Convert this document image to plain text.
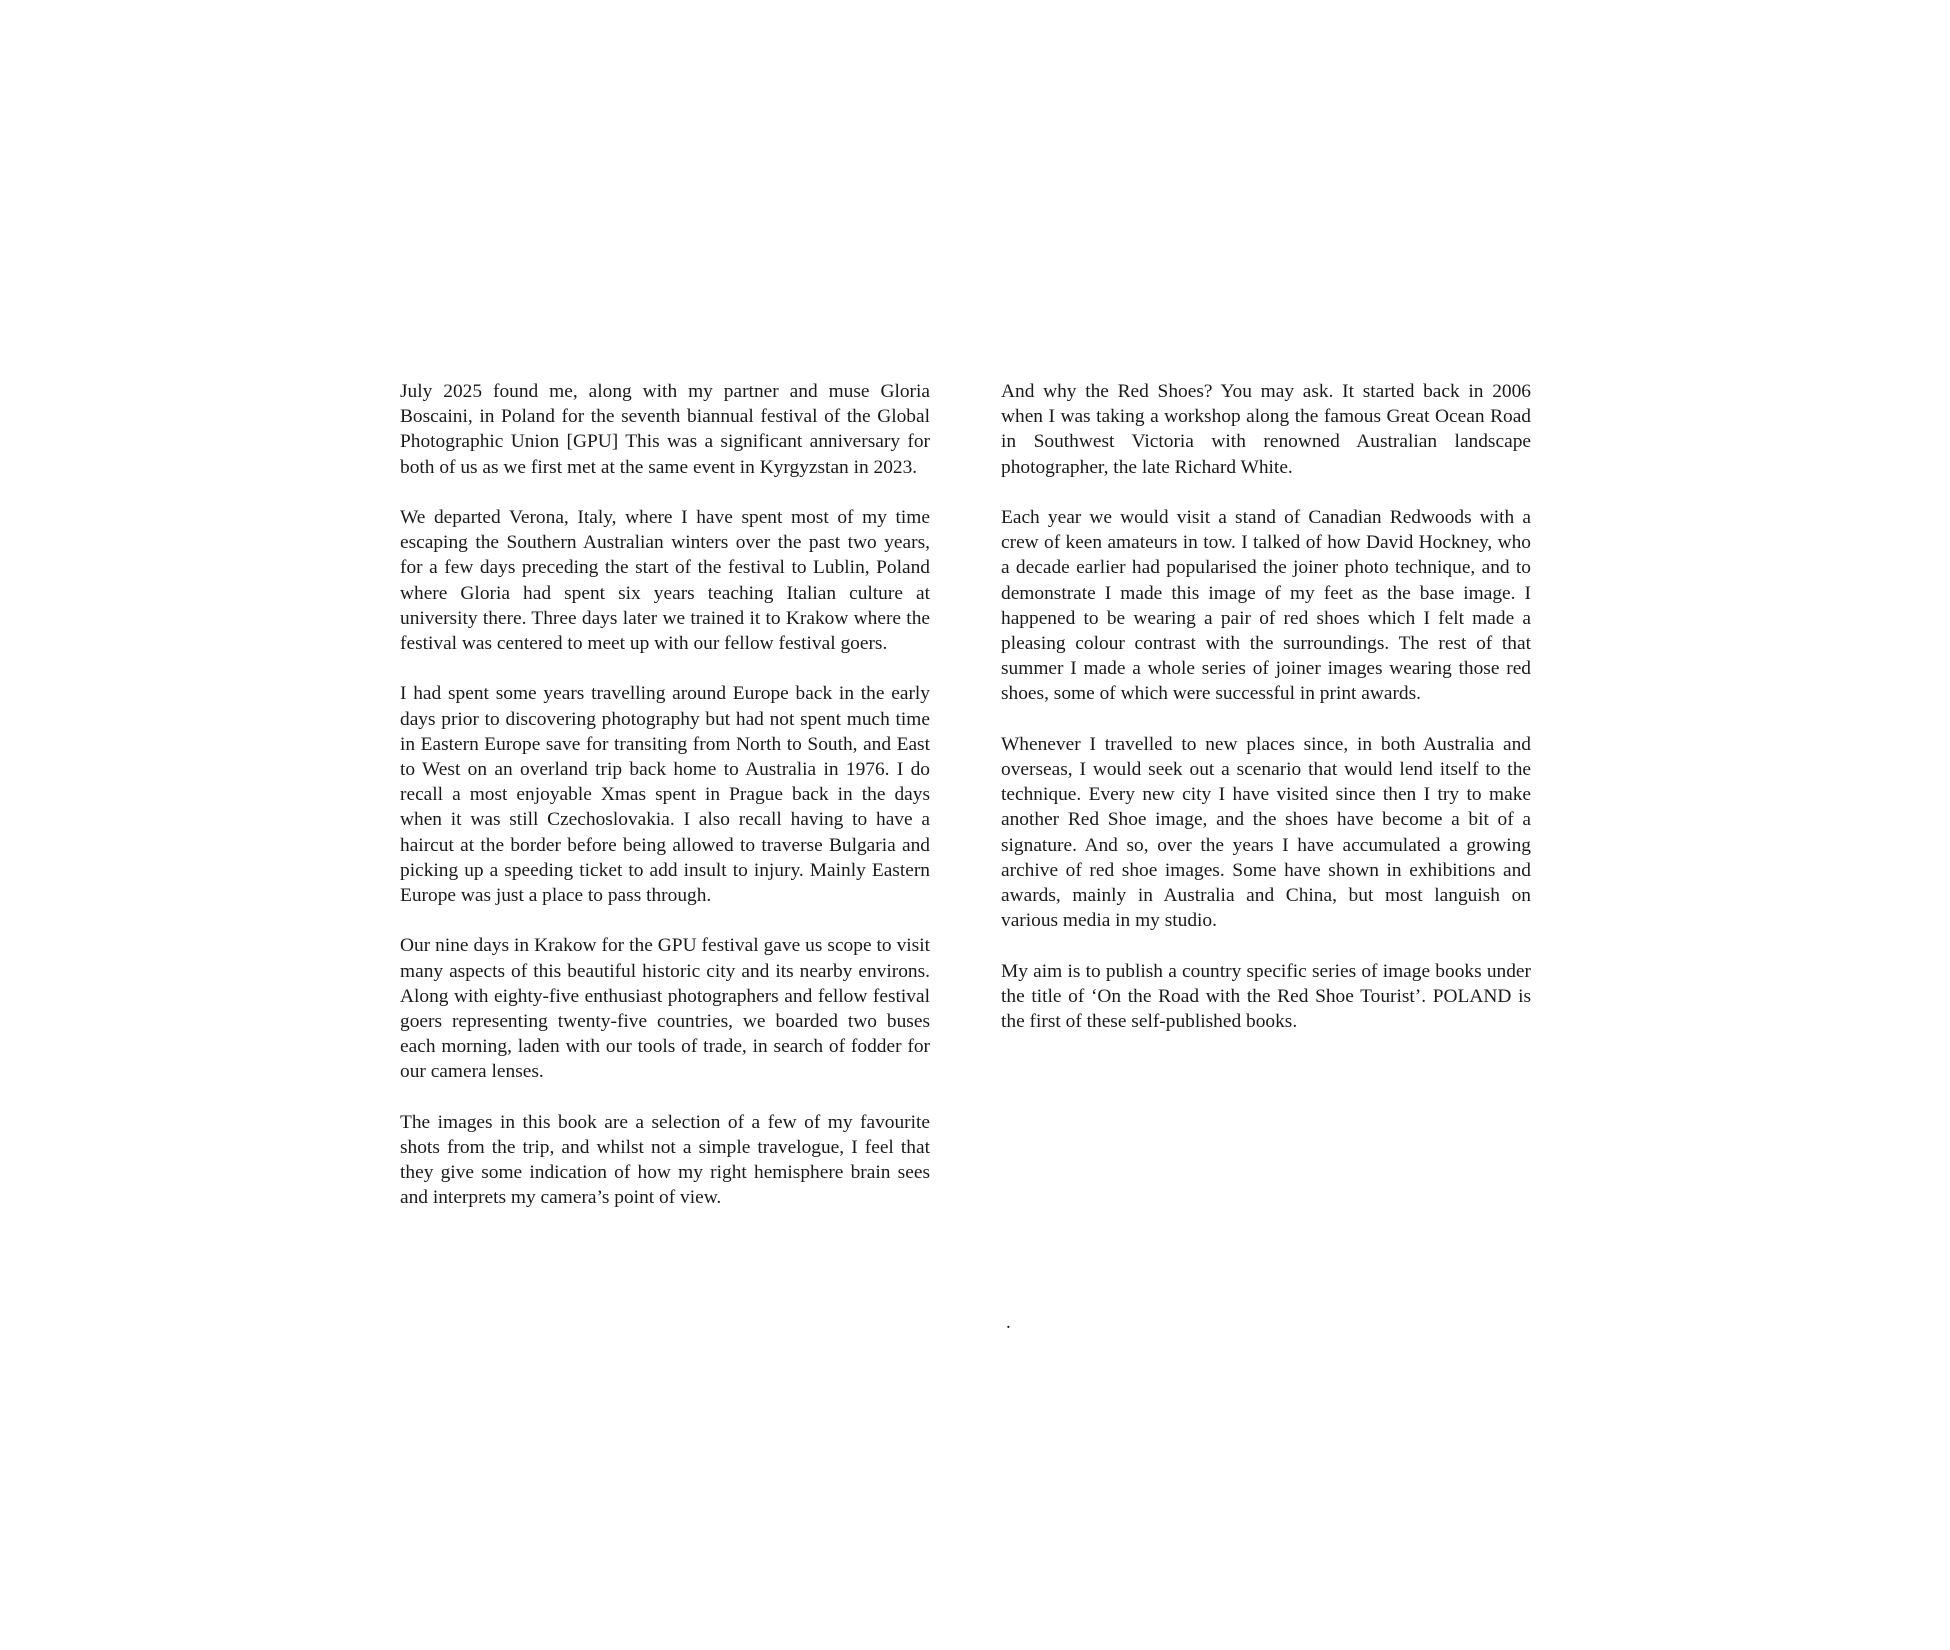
July 2025 found me, along with my partner and muse Gloria Boscaini, in Poland for the seventh biannual festival of the Global Photographic Union [GPU] This was a significant anniversary for both of us as we first met at the same event in Kyrgyzstan in 2023.

We departed Verona, Italy, where I have spent most of my time escaping the Southern Australian winters over the past two years, for a few days preceding the start of the festival to Lublin, Poland where Gloria had spent six years teaching Italian culture at university there. Three days later we trained it to Krakow where the festival was centered to meet up with our fellow festival goers.

I had spent some years travelling around Europe back in the early days prior to discovering photography but had not spent much time in Eastern Europe save for transiting from North to South, and East to West on an overland trip back home to Australia in 1976. I do recall a most enjoyable Xmas spent in Prague back in the days when it was still Czechoslovakia. I also recall having to have a haircut at the border before being allowed to traverse Bulgaria and picking up a speeding ticket to add insult to injury. Mainly Eastern Europe was just a place to pass through.

Our nine days in Krakow for the GPU festival gave us scope to visit many aspects of this beautiful historic city and its nearby environs. Along with eighty-five enthusiast photographers and fellow festival goers representing twenty-five countries, we boarded two buses each morning, laden with our tools of trade, in search of fodder for our camera lenses.

The images in this book are a selection of a few of my favourite shots from the trip, and whilst not a simple travelogue, I feel that they give some indication of how my right hemisphere brain sees and interprets my camera’s point of view.

And why the Red Shoes? You may ask. It started back in 2006 when I was taking a workshop along the famous Great Ocean Road in Southwest Victoria with renowned Australian landscape photographer, the late Richard White.

Each year we would visit a stand of Canadian Redwoods with a crew of keen amateurs in tow. I talked of how David Hockney, who a decade earlier had popularised the joiner photo technique, and to demonstrate I made this image of my feet as the base image. I happened to be wearing a pair of red shoes which I felt made a pleasing colour contrast with the surroundings. The rest of that summer I made a whole series of joiner images wearing those red shoes, some of which were successful in print awards.

Whenever I travelled to new places since, in both Australia and overseas, I would seek out a scenario that would lend itself to the technique. Every new city I have visited since then I try to make another Red Shoe image, and the shoes have become a bit of a signature. And so, over the years I have accumulated a growing archive of red shoe images. Some have shown in exhibitions and awards, mainly in Australia and China, but most languish on various media in my studio.

My aim is to publish a country specific series of image books under the title of ‘On the Road with the Red Shoe Tourist’. POLAND is the first of these self-published books.

.
